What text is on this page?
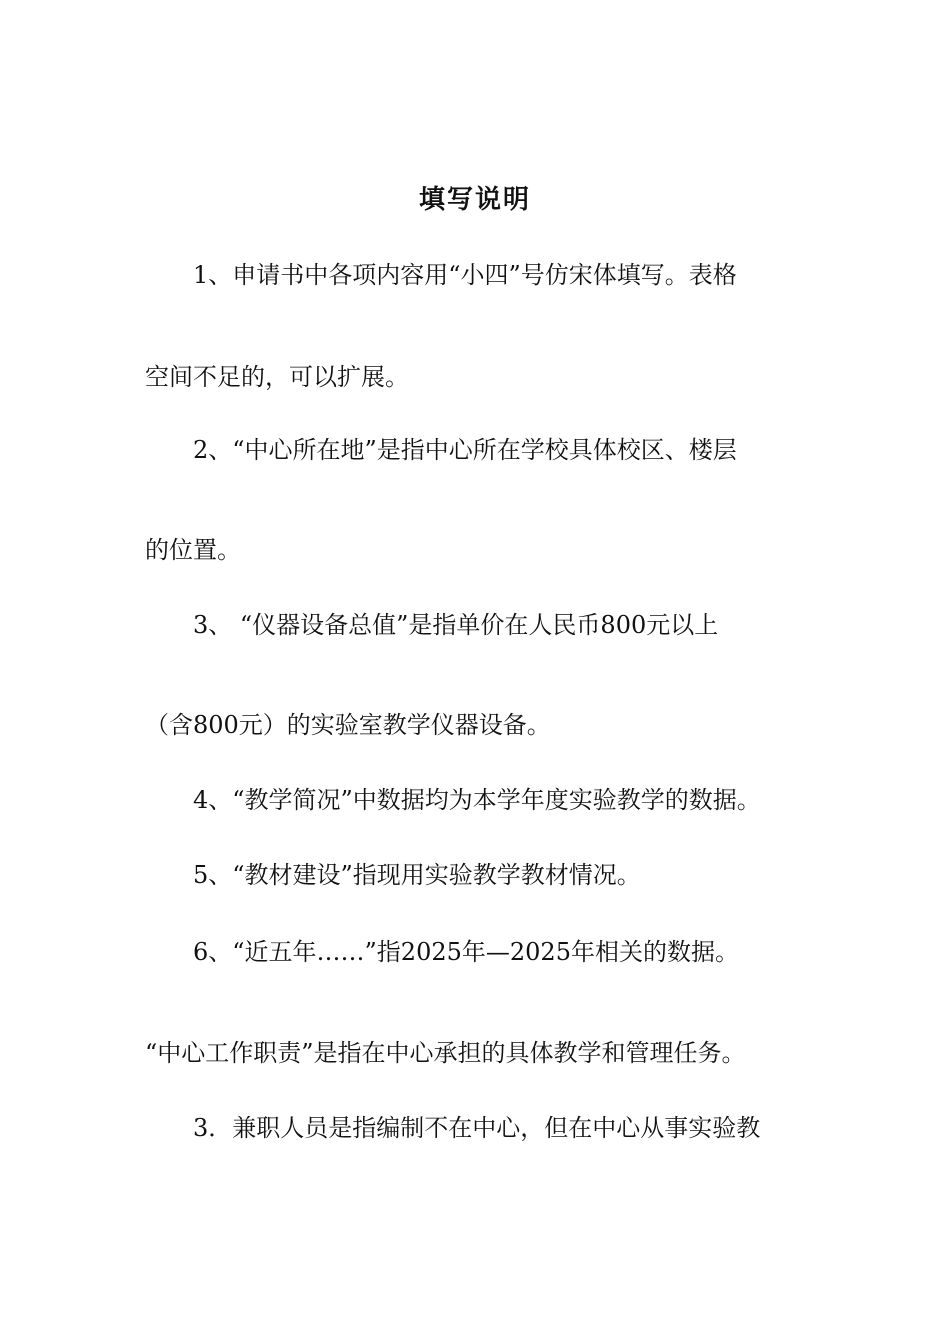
填写说明
1、申请书中各项内容用“小四”号仿宋体填写。表格
空间不足的，可以扩展。
2、“中心所在地”是指中心所在学校具体校区、楼层
的位置。
3、 “仪器设备总值”是指单价在人民币800元以上
（含800元）的实验室教学仪器设备。
4、“教学简况”中数据均为本学年度实验教学的数据。
5、“教材建设”指现用实验教学教材情况。
6、“近五年……”指2025年—2025年相关的数据。
“中心工作职责”是指在中心承担的具体教学和管理任务。
3．兼职人员是指编制不在中心，但在中心从事实验教
